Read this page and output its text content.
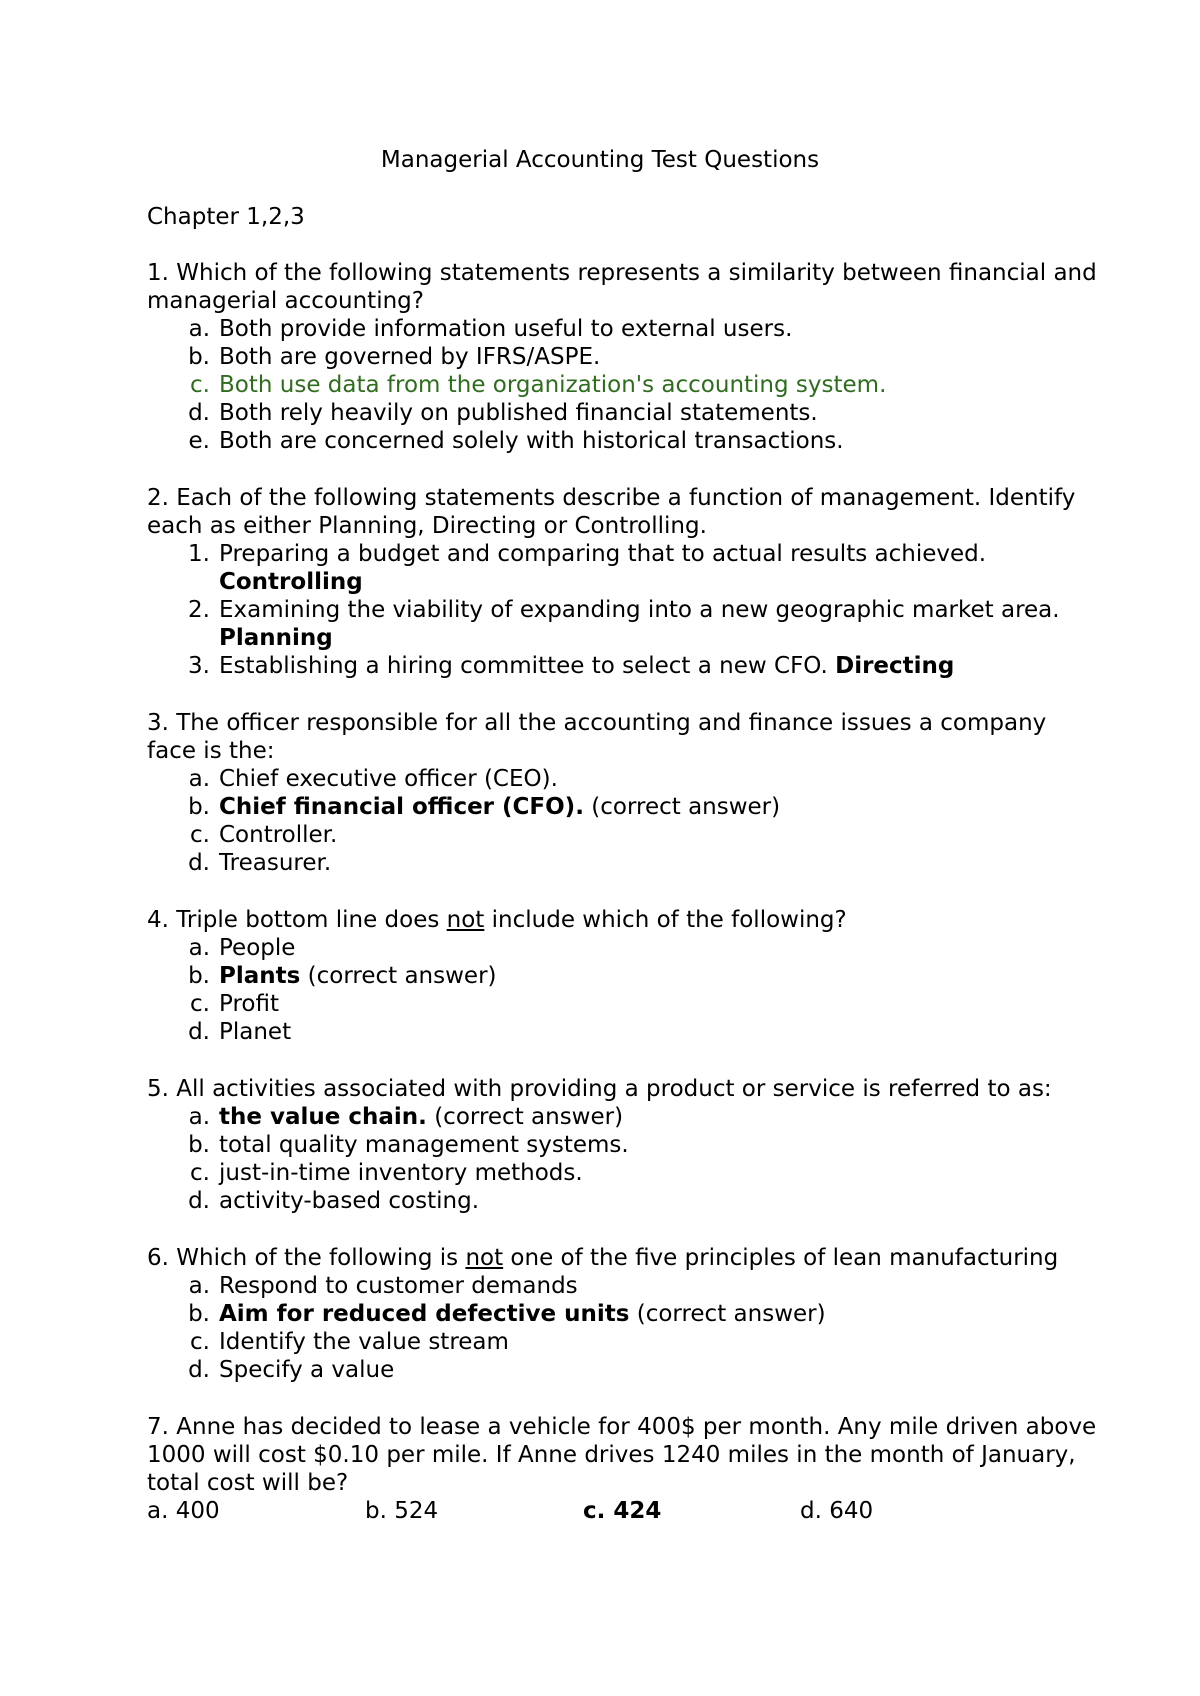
Managerial Accounting Test Questions
Chapter 1,2,3
1. Which of the following statements represents a similarity between financial and
managerial accounting?
a. Both provide information useful to external users.
b. Both are governed by IFRS/ASPE.
c. Both use data from the organization's accounting system.
d. Both rely heavily on published financial statements.
e. Both are concerned solely with historical transactions.
2. Each of the following statements describe a function of management. Identify
each as either Planning, Directing or Controlling.
1. Preparing a budget and comparing that to actual results achieved.
Controlling
2. Examining the viability of expanding into a new geographic market area.
Planning
3. Establishing a hiring committee to select a new CFO. Directing
3. The officer responsible for all the accounting and finance issues a company
face is the:
a. Chief executive officer (CEO).
b. Chief financial officer (CFO). (correct answer)
c. Controller.
d. Treasurer.
4. Triple bottom line does not include which of the following?
a. People
b. Plants (correct answer)
c. Profit
d. Planet
5. All activities associated with providing a product or service is referred to as:
a. the value chain. (correct answer)
b. total quality management systems.
c. just-in-time inventory methods.
d. activity-based costing.
6. Which of the following is not one of the five principles of lean manufacturing
a. Respond to customer demands
b. Aim for reduced defective units (correct answer)
c. Identify the value stream
d. Specify a value
7. Anne has decided to lease a vehicle for 400$ per month. Any mile driven above
1000 will cost $0.10 per mile. If Anne drives 1240 miles in the month of January,
total cost will be?
a. 400	b. 524	c. 424	d. 640
